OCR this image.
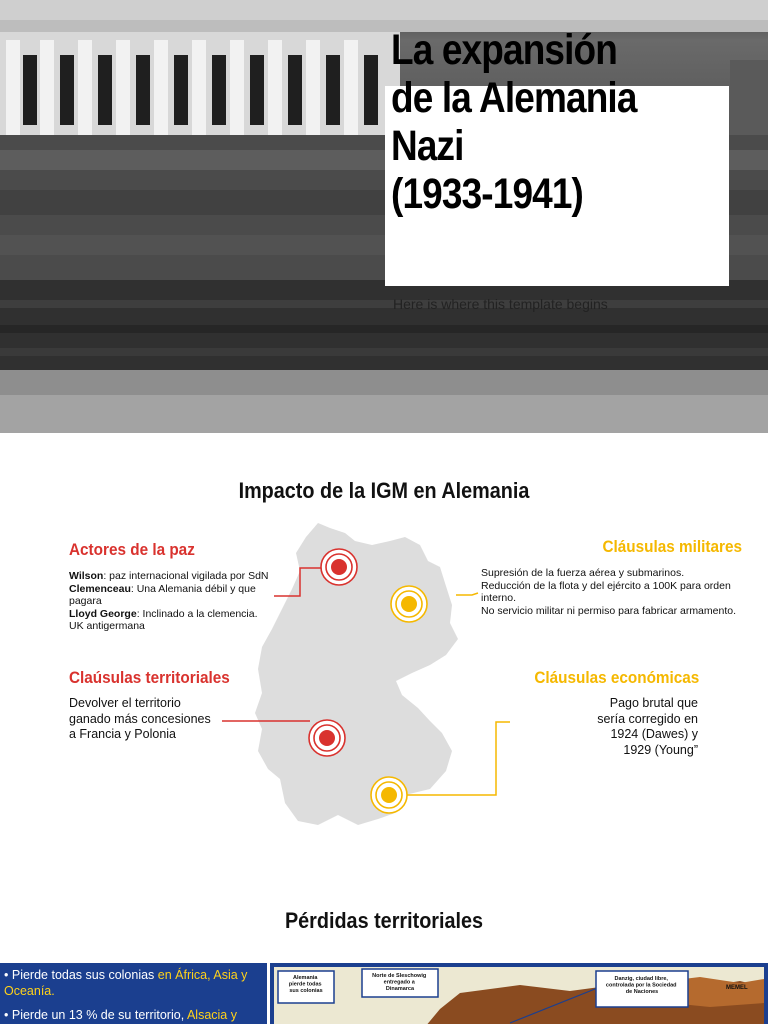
La expansión
de la Alemania
Nazi
(1933-1941)
Here is where this template begins
Impacto de la IGM en Alemania
Actores de la paz
Wilson: paz internacional vigilada por SdN
Clemenceau: Una Alemania débil y que pagara
Lloyd George: Inclinado a la clemencia. UK antigermana
Claúsulas territoriales
Devolver el territorio ganado más concesiones a Francia y Polonia
Cláusulas militares
Supresión de la fuerza aérea y submarinos.
Reducción de la flota y del ejército a 100K para orden interno.
No servicio militar ni permiso para fabricar armamento.
Cláusulas económicas
Pago brutal que sería corregido en 1924 (Dawes) y 1929 (Young”
Pérdidas territoriales

• Pierde todas sus colonias en África, Asia y Oceanía.

• Pierde un 13 % de su territorio, Alsacia y

Alemania pierde todas sus colonias
Norte de Sleschowig entregado a Dinamarca
Danzig, ciudad libre, controlada por la Sociedad de Naciones
MEMEL
